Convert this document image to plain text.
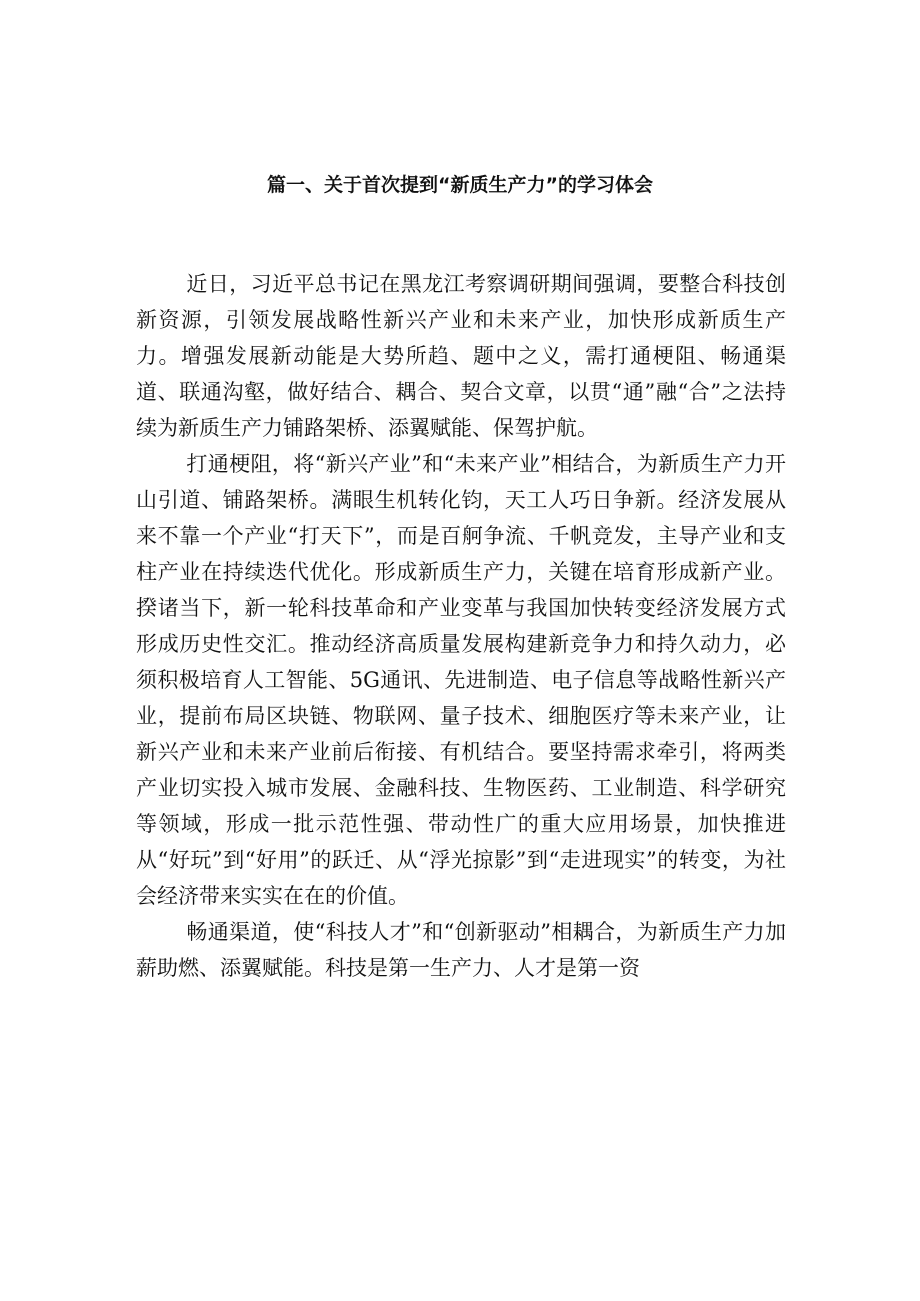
篇一、关于首次提到“新质生产力”的学习体会

近日，习近平总书记在黑龙江考察调研期间强调，要整合科技创新资源，引领发展战略性新兴产业和未来产业，加快形成新质生产力。增强发展新动能是大势所趋、题中之义，需打通梗阻、畅通渠道、联通沟壑，做好结合、耦合、契合文章，以贯“通”融“合”之法持续为新质生产力铺路架桥、添翼赋能、保驾护航。

打通梗阻，将“新兴产业”和“未来产业”相结合，为新质生产力开山引道、铺路架桥。满眼生机转化钧，天工人巧日争新。经济发展从来不靠一个产业“打天下”，而是百舸争流、千帆竞发，主导产业和支柱产业在持续迭代优化。形成新质生产力，关键在培育形成新产业。揆诸当下，新一轮科技革命和产业变革与我国加快转变经济发展方式形成历史性交汇。推动经济高质量发展构建新竞争力和持久动力，必须积极培育人工智能、5G通讯、先进制造、电子信息等战略性新兴产业，提前布局区块链、物联网、量子技术、细胞医疗等未来产业，让新兴产业和未来产业前后衔接、有机结合。要坚持需求牵引，将两类产业切实投入城市发展、金融科技、生物医药、工业制造、科学研究等领域，形成一批示范性强、带动性广的重大应用场景，加快推进从“好玩”到“好用”的跃迁、从“浮光掠影”到“走进现实”的转变，为社会经济带来实实在在的价值。

畅通渠道，使“科技人才”和“创新驱动”相耦合，为新质生产力加薪助燃、添翼赋能。科技是第一生产力、人才是第一资
